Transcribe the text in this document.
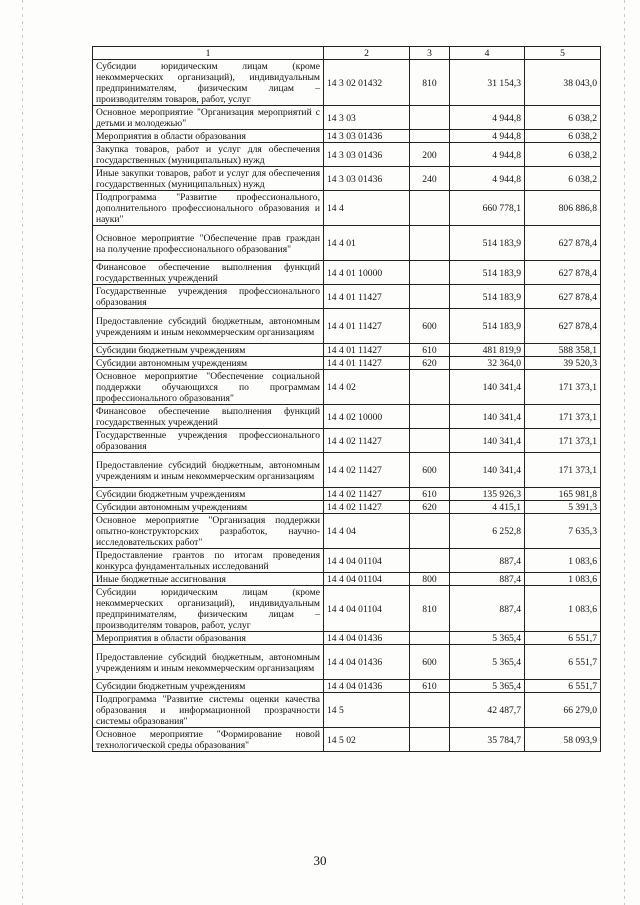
1	2	3	4	5
Субсидии юридическим лицам (кроме некоммерческих организаций), индивидуальным предпринимателям, физическим лицам – производителям товаров, работ, услуг	14 3 02 01432	810	31 154,3	38 043,0
Основное мероприятие "Организация мероприятий с детьми и молодежью"	14 3 03		4 944,8	6 038,2
Мероприятия в области образования	14 3 03 01436		4 944,8	6 038,2
Закупка товаров, работ и услуг для обеспечения государственных (муниципальных) нужд	14 3 03 01436	200	4 944,8	6 038,2
Иные закупки товаров, работ и услуг для обеспечения государственных (муниципальных) нужд	14 3 03 01436	240	4 944,8	6 038,2
Подпрограмма "Развитие профессионального, дополнительного профессионального образования и науки"	14 4		660 778,1	806 886,8
Основное мероприятие "Обеспечение прав граждан на получение профессионального образования"	14 4 01		514 183,9	627 878,4
Финансовое обеспечение выполнения функций государственных учреждений	14 4 01 10000		514 183,9	627 878,4
Государственные учреждения профессионального образования	14 4 01 11427		514 183,9	627 878,4
Предоставление субсидий бюджетным, автономным учреждениям и иным некоммерческим организациям	14 4 01 11427	600	514 183,9	627 878,4
Субсидии бюджетным учреждениям	14 4 01 11427	610	481 819,9	588 358,1
Субсидии автономным учреждениям	14 4 01 11427	620	32 364,0	39 520,3
Основное мероприятие "Обеспечение социальной поддержки обучающихся по программам профессионального образования"	14 4 02		140 341,4	171 373,1
Финансовое обеспечение выполнения функций государственных учреждений	14 4 02 10000		140 341,4	171 373,1
Государственные учреждения профессионального образования	14 4 02 11427		140 341,4	171 373,1
Предоставление субсидий бюджетным, автономным учреждениям и иным некоммерческим организациям	14 4 02 11427	600	140 341,4	171 373,1
Субсидии бюджетным учреждениям	14 4 02 11427	610	135 926,3	165 981,8
Субсидии автономным учреждениям	14 4 02 11427	620	4 415,1	5 391,3
Основное мероприятие "Организация поддержки опытно-конструкторских разработок, научно-исследовательских работ"	14 4 04		6 252,8	7 635,3
Предоставление грантов по итогам проведения конкурса фундаментальных исследований	14 4 04 01104		887,4	1 083,6
Иные бюджетные ассигнования	14 4 04 01104	800	887,4	1 083,6
Субсидии юридическим лицам (кроме некоммерческих организаций), индивидуальным предпринимателям, физическим лицам – производителям товаров, работ, услуг	14 4 04 01104	810	887,4	1 083,6
Мероприятия в области образования	14 4 04 01436		5 365,4	6 551,7
Предоставление субсидий бюджетным, автономным учреждениям и иным некоммерческим организациям	14 4 04 01436	600	5 365,4	6 551,7
Субсидии бюджетным учреждениям	14 4 04 01436	610	5 365,4	6 551,7
Подпрограмма "Развитие системы оценки качества образования и информационной прозрачности системы образования"	14 5		42 487,7	66 279,0
Основное мероприятие "Формирование новой технологической среды образования"	14 5 02		35 784,7	58 093,9
30
